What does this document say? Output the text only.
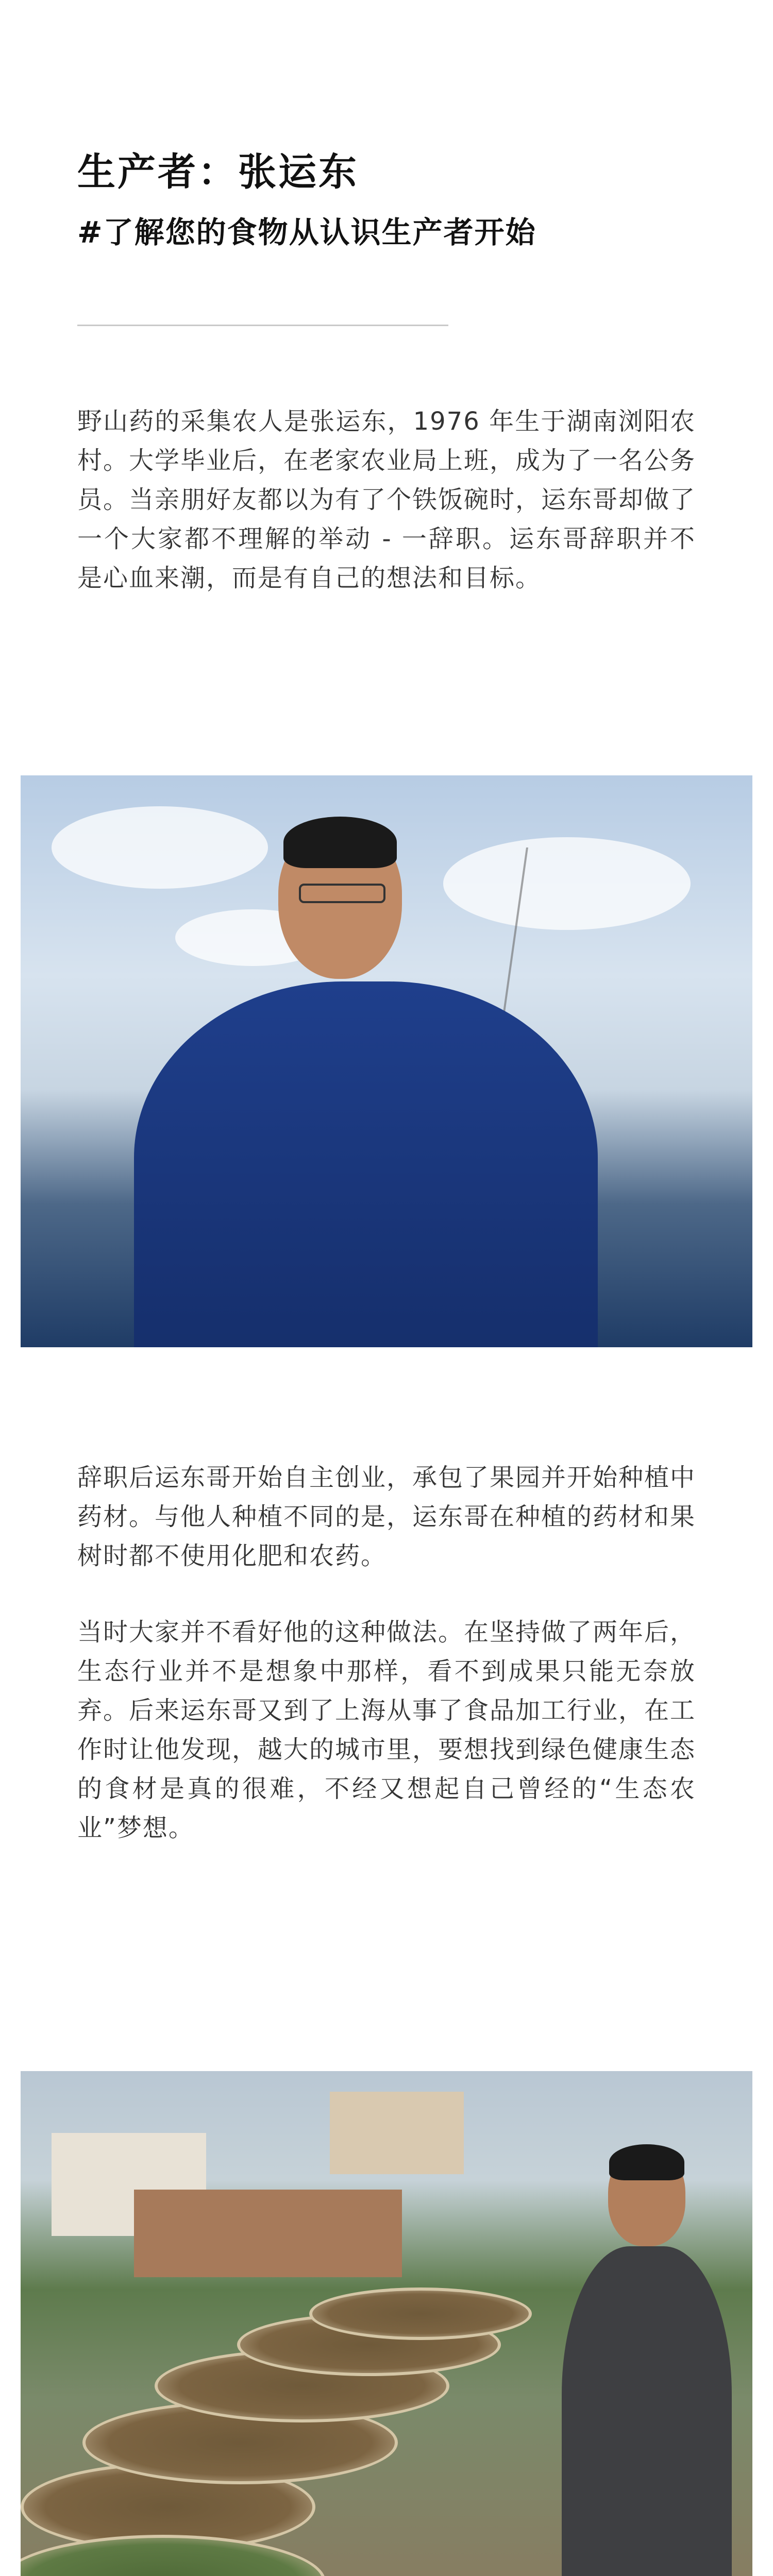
生产者：张运东
#了解您的食物从认识生产者开始
野山药的采集农人是张运东，1976 年生于湖南浏阳农村。大学毕业后，在老家农业局上班，成为了一名公务员。当亲朋好友都以为有了个铁饭碗时，运东哥却做了一个大家都不理解的举动 - 一辞职。运东哥辞职并不是心血来潮，而是有自己的想法和目标。
辞职后运东哥开始自主创业，承包了果园并开始种植中药材。与他人种植不同的是，运东哥在种植的药材和果树时都不使用化肥和农药。
当时大家并不看好他的这种做法。在坚持做了两年后，生态行业并不是想象中那样，看不到成果只能无奈放弃。后来运东哥又到了上海从事了食品加工行业，在工作时让他发现，越大的城市里，要想找到绿色健康生态的食材是真的很难，不经又想起自己曾经的“生态农业”梦想。
